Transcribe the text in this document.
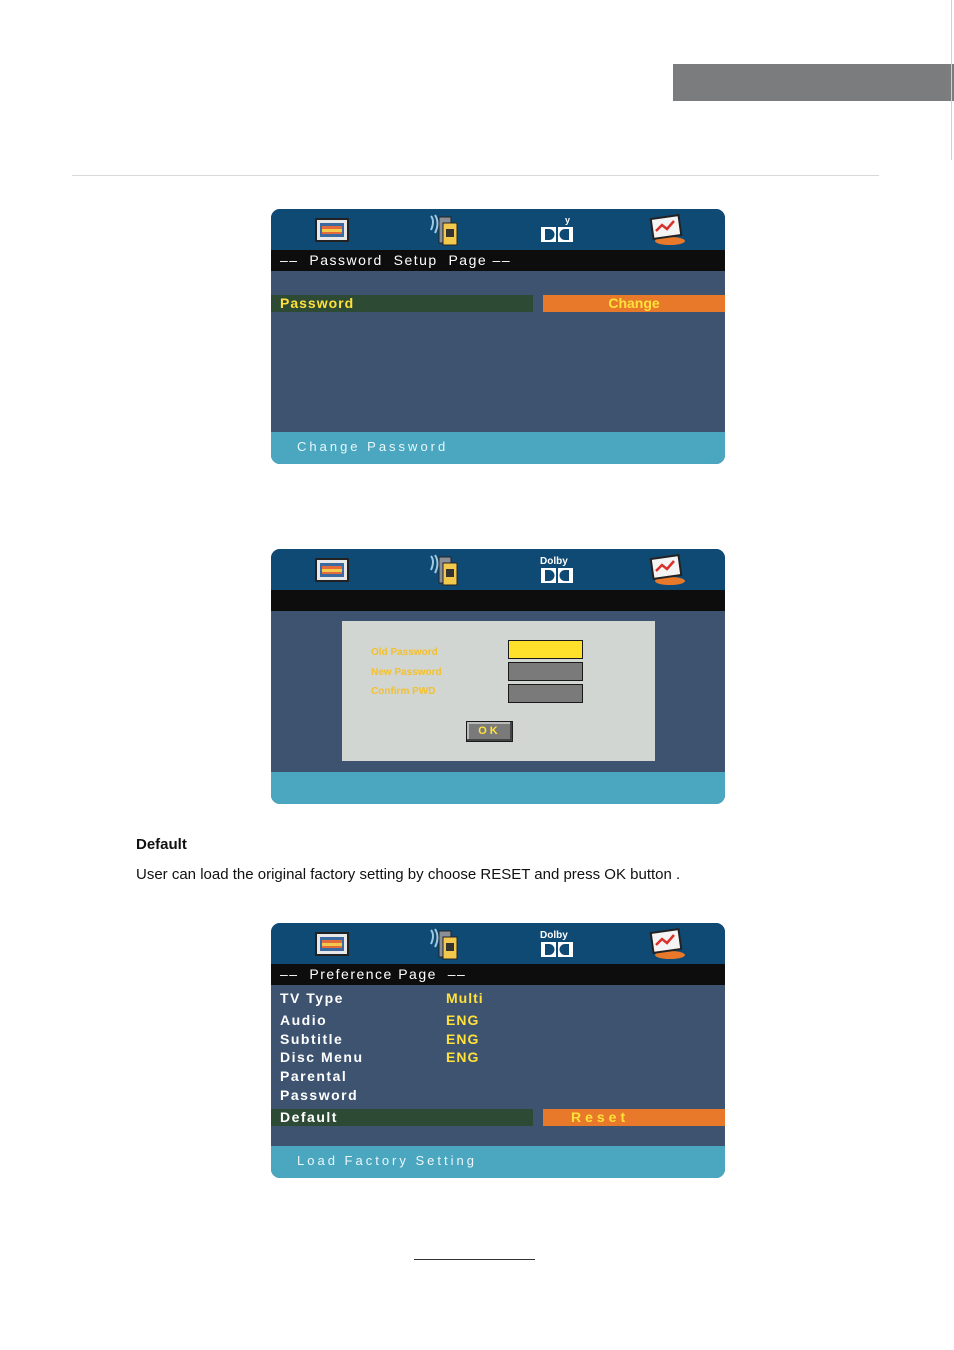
y
––  Password  Setup  Page ––
Password	Change
Change Password
Dolby
Old Password
New Password
Confirm PWD
OK
Default
User can load the original factory setting by choose RESET and press OK button .
Dolby
––  Preference Page  ––
TV Type	Multi
Audio	ENG
Subtitle	ENG
Disc Menu	ENG
Parental
Password
Default	Reset
Load Factory Setting
